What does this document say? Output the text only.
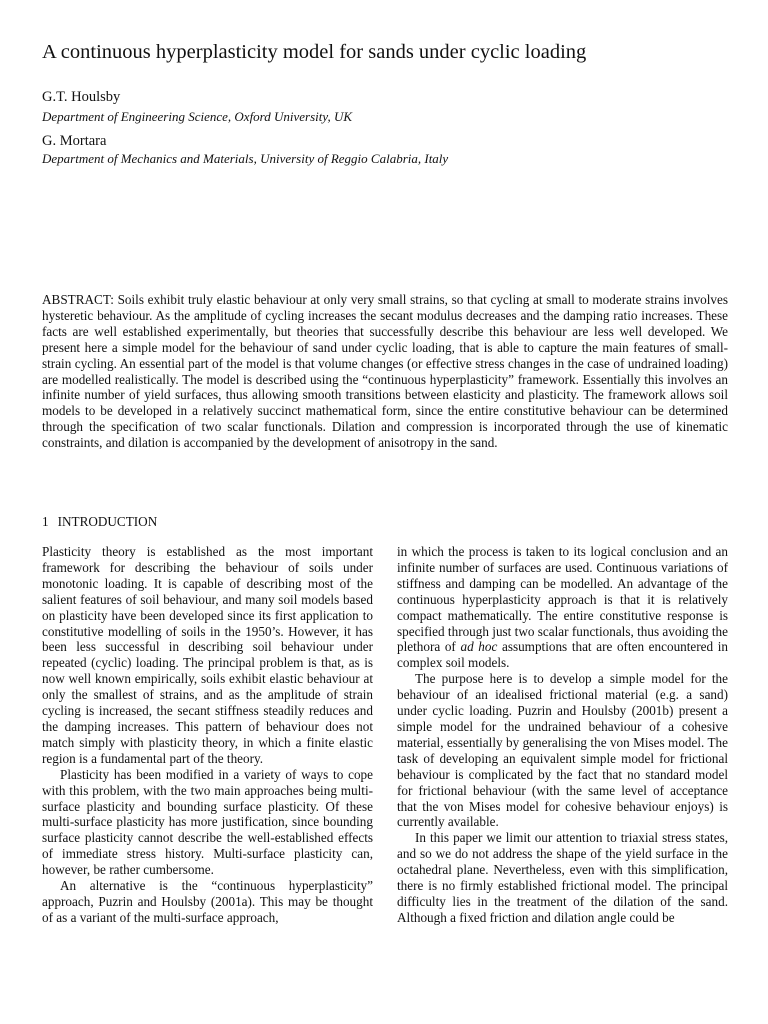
A continuous hyperplasticity model for sands under cyclic loading

G.T. Houlsby

Department of Engineering Science, Oxford University, UK

G. Mortara

Department of Mechanics and Materials, University of Reggio Calabria, Italy

ABSTRACT: Soils exhibit truly elastic behaviour at only very small strains, so that cycling at small to moderate strains involves hysteretic behaviour. As the amplitude of cycling increases the secant modulus decreases and the damping ratio increases. These facts are well established experimentally, but theories that successfully describe this behaviour are less well developed. We present here a simple model for the behaviour of sand under cyclic loading, that is able to capture the main features of small-strain cycling. An essential part of the model is that volume changes (or effective stress changes in the case of undrained loading) are modelled realistically. The model is described using the “continuous hyperplasticity” framework. Essentially this involves an infinite number of yield surfaces, thus allowing smooth transitions between elasticity and plasticity. The framework allows soil models to be developed in a relatively succinct mathematical form, since the entire constitutive behaviour can be determined through the specification of two scalar functionals. Dilation and compression is incorporated through the use of kinematic constraints, and dilation is accompanied by the development of anisotropy in the sand.

1 INTRODUCTION

Plasticity theory is established as the most important framework for describing the behaviour of soils under monotonic loading. It is capable of describing most of the salient features of soil behaviour, and many soil models based on plasticity have been developed since its first application to constitutive modelling of soils in the 1950’s. However, it has been less successful in describing soil behaviour under repeated (cyclic) loading. The principal problem is that, as is now well known empirically, soils exhibit elastic behaviour at only the smallest of strains, and as the amplitude of strain cycling is increased, the secant stiffness steadily reduces and the damping increases. This pattern of behaviour does not match simply with plasticity theory, in which a finite elastic region is a fundamental part of the theory.

Plasticity has been modified in a variety of ways to cope with this problem, with the two main approaches being multi-surface plasticity and bounding surface plasticity. Of these multi-surface plasticity has more justification, since bounding surface plasticity cannot describe the well-established effects of immediate stress history. Multi-surface plasticity can, however, be rather cumbersome.

An alternative is the “continuous hyperplasticity” approach, Puzrin and Houlsby (2001a). This may be thought of as a variant of the multi-surface approach,

in which the process is taken to its logical conclusion and an infinite number of surfaces are used. Continuous variations of stiffness and damping can be modelled. An advantage of the continuous hyperplasticity approach is that it is relatively compact mathematically. The entire constitutive response is specified through just two scalar functionals, thus avoiding the plethora of ad hoc assumptions that are often encountered in complex soil models.

The purpose here is to develop a simple model for the behaviour of an idealised frictional material (e.g. a sand) under cyclic loading. Puzrin and Houlsby (2001b) present a simple model for the undrained behaviour of a cohesive material, essentially by generalising the von Mises model. The task of developing an equivalent simple model for frictional behaviour is complicated by the fact that no standard model for frictional behaviour (with the same level of acceptance that the von Mises model for cohesive behaviour enjoys) is currently available.

In this paper we limit our attention to triaxial stress states, and so we do not address the shape of the yield surface in the octahedral plane. Nevertheless, even with this simplification, there is no firmly established frictional model. The principal difficulty lies in the treatment of the dilation of the sand. Although a fixed friction and dilation angle could be
